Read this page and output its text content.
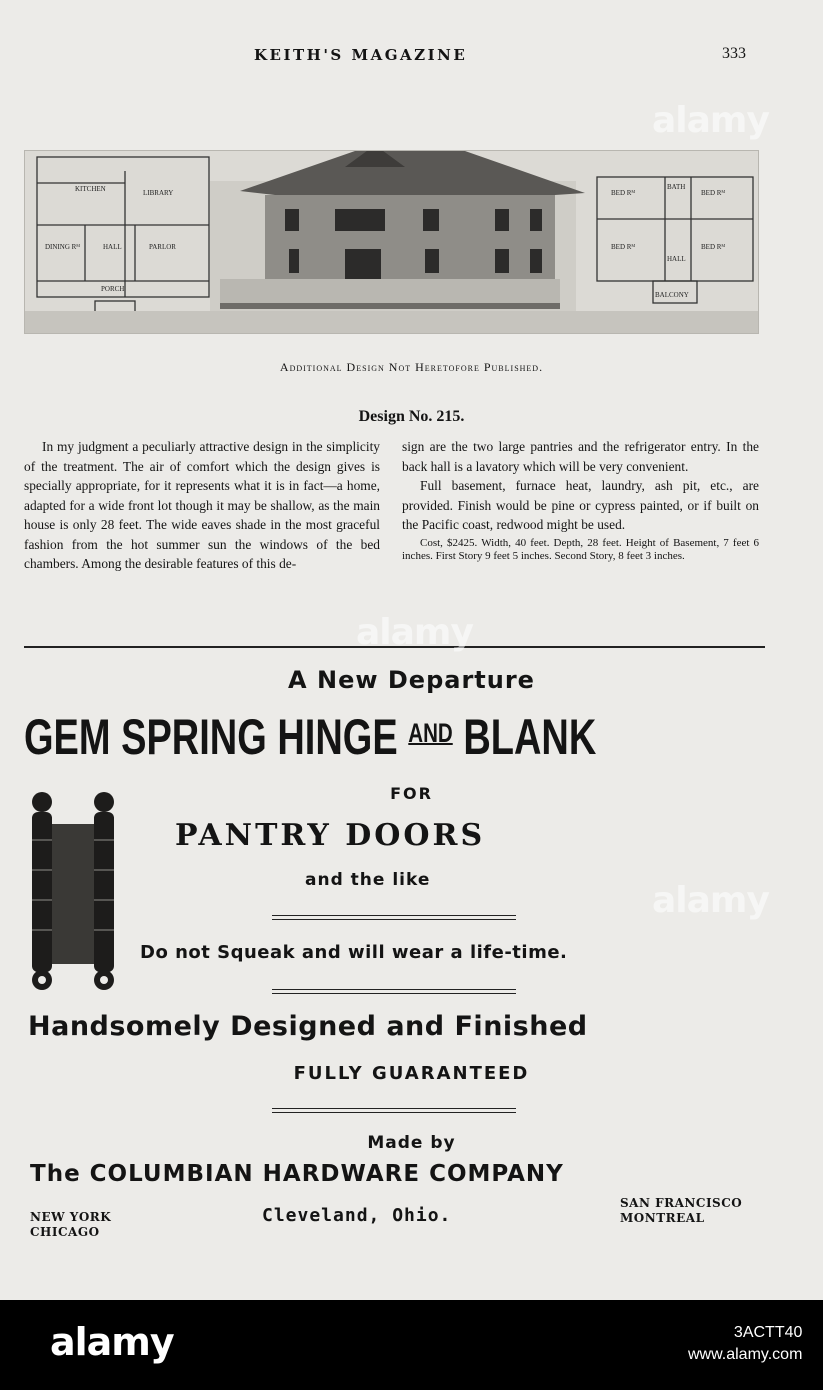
KEITH'S MAGAZINE	333
KITCHEN	LIBRARY
DINING Rᴹ	HALL	PARLOR
PORCH
BED Rᴹ	BED Rᴹ
BED Rᴹ	BED Rᴹ
BATH
HALL
BALCONY
Additional Design Not Heretofore Published.
Design No. 215.

In my judgment a peculiarly attractive design in the simplicity of the treatment. The air of comfort which the design gives is specially appropriate, for it represents what it is in fact—a home, adapted for a wide front lot though it may be shallow, as the main house is only 28 feet. The wide eaves shade in the most graceful fashion from the hot summer sun the windows of the bed chambers. Among the desirable features of this de-

sign are the two large pantries and the refrigerator entry. In the back hall is a lavatory which will be very convenient.

Full basement, furnace heat, laundry, ash pit, etc., are provided. Finish would be pine or cypress painted, or if built on the Pacific coast, redwood might be used.

Cost, $2425. Width, 40 feet. Depth, 28 feet. Height of Basement, 7 feet 6 inches. First Story 9 feet 5 inches. Second Story, 8 feet 3 inches.

A New Departure
GEM SPRING HINGE $^{AND}$ BLANK
FOR
PANTRY DOORS
and the like
Do not Squeak and will wear a life-time.
Handsomely Designed and Finished
FULLY GUARANTEED
Made by
The COLUMBIAN HARDWARE COMPANY
NEW YORK
CHICAGO
Cleveland, Ohio.
SAN FRANCISCO
MONTREAL
alamy
alamy
alamy
alamy	3ACTT40
www.alamy.com
